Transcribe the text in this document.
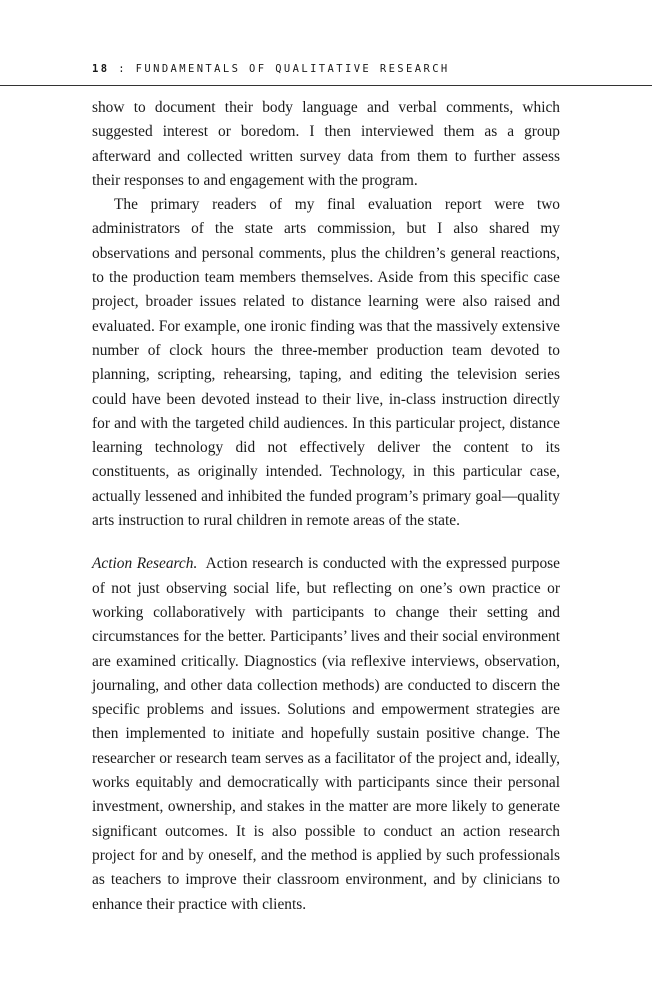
18 : FUNDAMENTALS OF QUALITATIVE RESEARCH

show to document their body language and verbal comments, which suggested interest or boredom. I then interviewed them as a group afterward and collected written survey data from them to further assess their responses to and engagement with the program.

The primary readers of my final evaluation report were two administrators of the state arts commission, but I also shared my observations and personal comments, plus the children’s general reactions, to the production team members themselves. Aside from this specific case project, broader issues related to distance learning were also raised and evaluated. For example, one ironic finding was that the massively extensive number of clock hours the three-member production team devoted to planning, scripting, rehearsing, taping, and editing the television series could have been devoted instead to their live, in-class instruction directly for and with the targeted child audiences. In this particular project, distance learning technology did not effectively deliver the content to its constituents, as originally intended. Technology, in this particular case, actually lessened and inhibited the funded program’s primary goal—quality arts instruction to rural children in remote areas of the state.

Action Research. Action research is conducted with the expressed purpose of not just observing social life, but reflecting on one’s own practice or working collaboratively with participants to change their setting and circumstances for the better. Participants’ lives and their social environment are examined critically. Diagnostics (via reflexive interviews, observation, journaling, and other data collection methods) are conducted to discern the specific problems and issues. Solutions and empowerment strategies are then implemented to initiate and hopefully sustain positive change. The researcher or research team serves as a facilitator of the project and, ideally, works equitably and democratically with participants since their personal investment, ownership, and stakes in the matter are more likely to generate significant outcomes. It is also possible to conduct an action research project for and by oneself, and the method is applied by such professionals as teachers to improve their classroom environment, and by clinicians to enhance their practice with clients.
